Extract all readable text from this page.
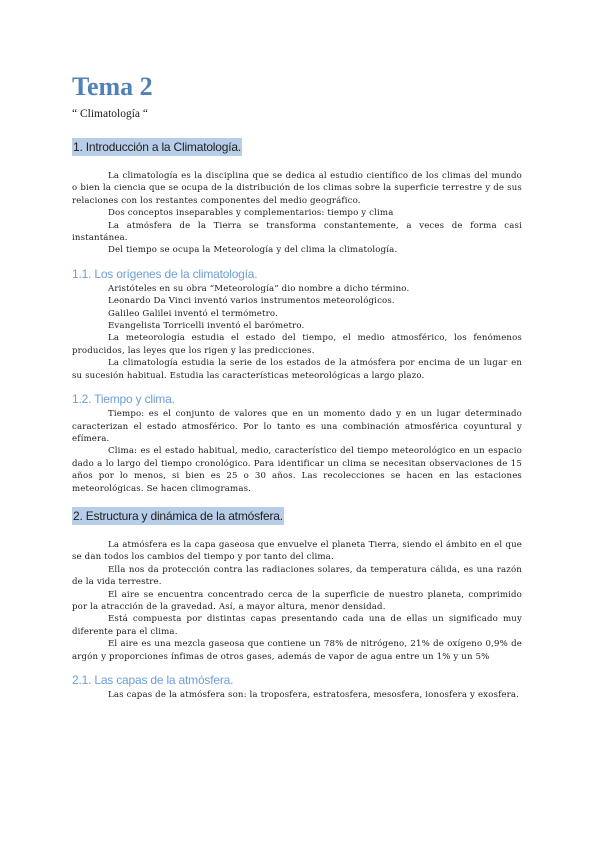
Tema 2
“ Climatología “
1. Introducción a la Climatología.

La climatología es la disciplina que se dedica al estudio científico de los climas del mundo o bien la ciencia que se ocupa de la distribución de los climas sobre la superficie terrestre y de sus relaciones con los restantes componentes del medio geográfico.

Dos conceptos inseparables y complementarios: tiempo y clima

La atmósfera de la Tierra se transforma constantemente, a veces de forma casi instantánea.

Del tiempo se ocupa la Meteorología y del clima la climatología.

1.1. Los orígenes de la climatología.

Aristóteles en su obra “Meteorología” dio nombre a dicho término.

Leonardo Da Vinci inventó varios instrumentos meteorológicos.

Galileo Galilei inventó el termómetro.

Evangelista Torricelli inventó el barómetro.

La meteorología estudia el estado del tiempo, el medio atmosférico, los fenómenos producidos, las leyes que los rigen y las predicciones.

La climatología estudia la serie de los estados de la atmósfera por encima de un lugar en su sucesión habitual. Estudia las características meteorológicas a largo plazo.

1.2. Tiempo y clima.

Tiempo: es el conjunto de valores que en un momento dado y en un lugar determinado caracterizan el estado atmosférico. Por lo tanto es una combinación atmosférica coyuntural y efímera.

Clima: es el estado habitual, medio, característico del tiempo meteorológico en un espacio dado a lo largo del tiempo cronológico. Para identificar un clima se necesitan observaciones de 15 años por lo menos, si bien es 25 o 30 años. Las recolecciones se hacen en las estaciones meteorológicas. Se hacen climogramas.

2. Estructura y dinámica de la atmósfera.

La atmósfera es la capa gaseosa que envuelve el planeta Tierra, siendo el ámbito en el que se dan todos los cambios del tiempo y por tanto del clima.

Ella nos da protección contra las radiaciones solares, da temperatura cálida, es una razón de la vida terrestre.

El aire se encuentra concentrado cerca de la superficie de nuestro planeta, comprimido por la atracción de la gravedad. Así, a mayor altura, menor densidad.

Está compuesta por distintas capas presentando cada una de ellas un significado muy diferente para el clima.

El aire es una mezcla gaseosa que contiene un 78% de nitrógeno, 21% de oxígeno 0,9% de argón y proporciones ínfimas de otros gases, además de vapor de agua entre un 1% y un 5%

2.1. Las capas de la atmósfera.

Las capas de la atmósfera son: la troposfera, estratosfera, mesosfera, ionosfera y exosfera.
